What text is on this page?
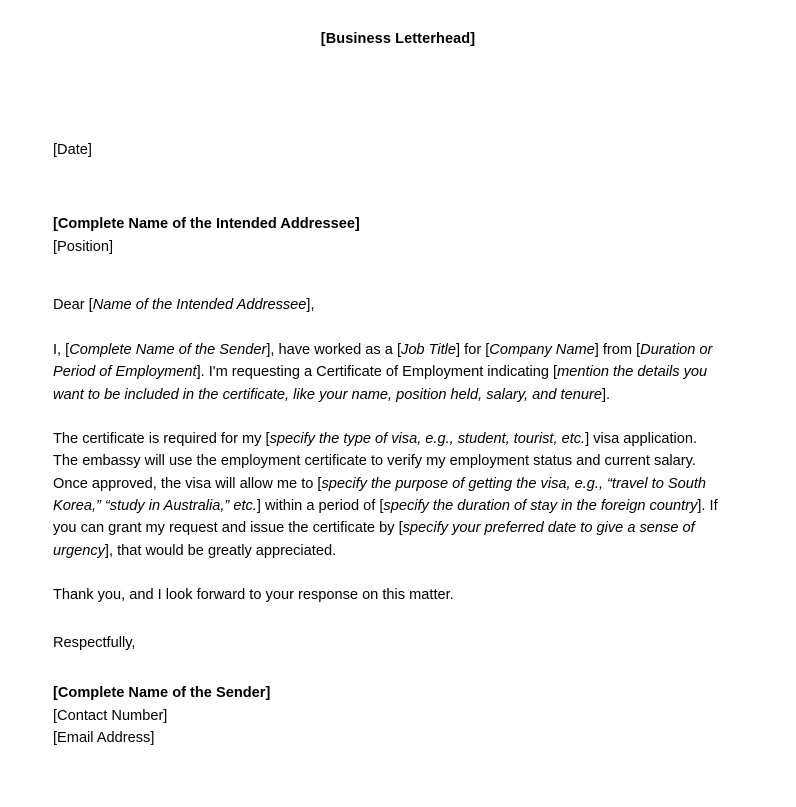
[Business Letterhead]
[Date]
[Complete Name of the Intended Addressee]
[Position]
Dear [Name of the Intended Addressee],

I, [Complete Name of the Sender], have worked as a [Job Title] for [Company Name] from [Duration or Period of Employment]. I'm requesting a Certificate of Employment indicating [mention the details you want to be included in the certificate, like your name, position held, salary, and tenure].

The certificate is required for my [specify the type of visa, e.g., student, tourist, etc.] visa application. The embassy will use the employment certificate to verify my employment status and current salary. Once approved, the visa will allow me to [specify the purpose of getting the visa, e.g., “travel to South Korea,” “study in Australia,” etc.] within a period of [specify the duration of stay in the foreign country]. If you can grant my request and issue the certificate by [specify your preferred date to give a sense of urgency], that would be greatly appreciated.

Thank you, and I look forward to your response on this matter.

Respectfully,
[Complete Name of the Sender]
[Contact Number]
[Email Address]
